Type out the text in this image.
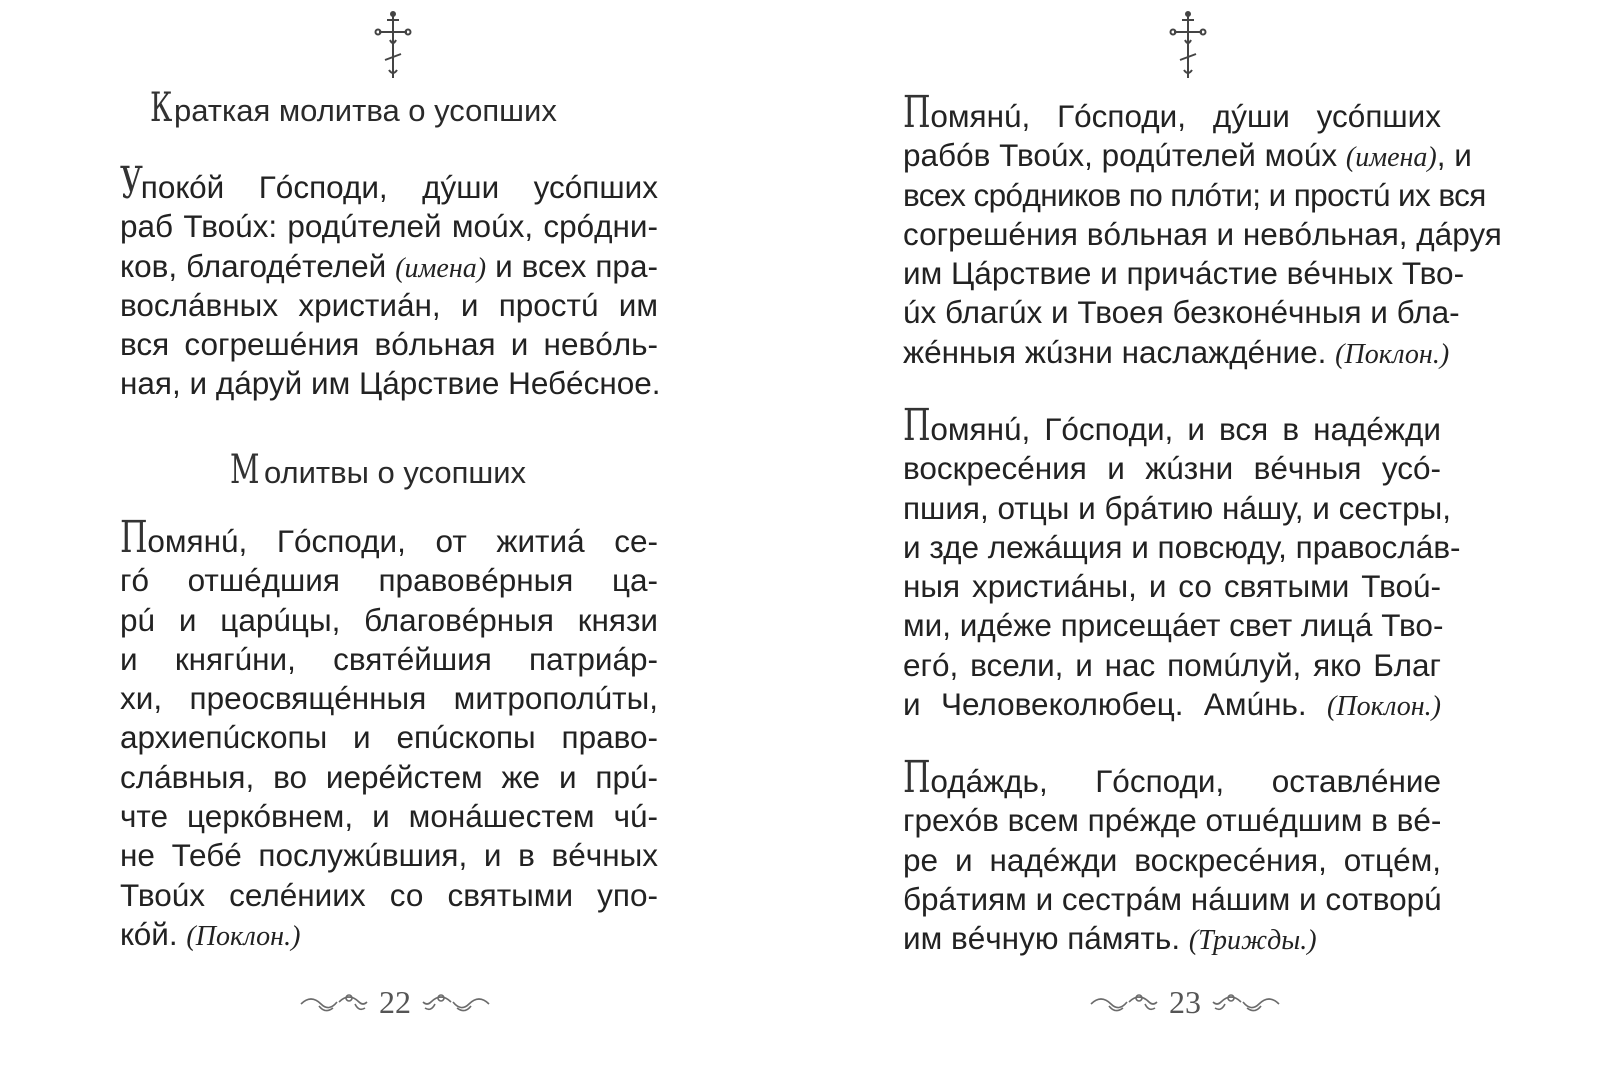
Краткая молитва о усопших
Упокóй Гóсподи, дýши усóпших
раб Твоúх: родúтелей моúх, срóдни-
ков, благодéтелей (имена) и всех пра-
вослáвных христиáн, и простú им
вся согрешéния вóльная и невóль-
ная, и дáруй им Цáрствие Небéсное.
М олитвы о усопших
Помянú, Гóсподи, от житиá се-
гó отшéдшия правовéрныя ца-
рú и царúцы, благовéрныя князи
и княгúни, святéйшия патриáр-
хи, преосвящéнныя митрополúты,
архиепúскопы и епúскопы право-
слáвныя, во иерéйстем же и прú-
чте церкóвнем, и монáшестем чú-
не Тебé послужúвшия, и в вéчных
Твоúх селéниих со святыми упо-
кóй. (Поклон.)
22
Помянú, Гóсподи, дýши усóпших
рабóв Твоúх, родúтелей моúх (имена), и
всех срóдников по плóти; и простú их вся
согрешéния вóльная и невóльная, дáруя
им Цáрствие и причáстие вéчных Тво-
úх благúх и Твоея безконéчныя и бла-
жéнныя жúзни наслаждéние. (Поклон.)
Помянú, Гóсподи, и вся в надéжди
воскресéния и жúзни вéчныя усó-
пшия, отцы и брáтию нáшу, и сестры,
и зде лежáщия и повсюду, правослáв-
ныя христиáны, и со святыми Твоú-
ми, идéже присещáет свет лицá Тво-
егó, всели, и нас помúлуй, якo Благ
и Человеколюбец. Амúнь. (Поклон.)
Подáждь, Гóсподи, оставлéние
грехóв всем прéжде отшéдшим в вé-
ре и надéжди воскресéния, отцéм,
брáтиям и сестрáм нáшим и сотворú
им вéчную пáмять. (Трижды.)
23
